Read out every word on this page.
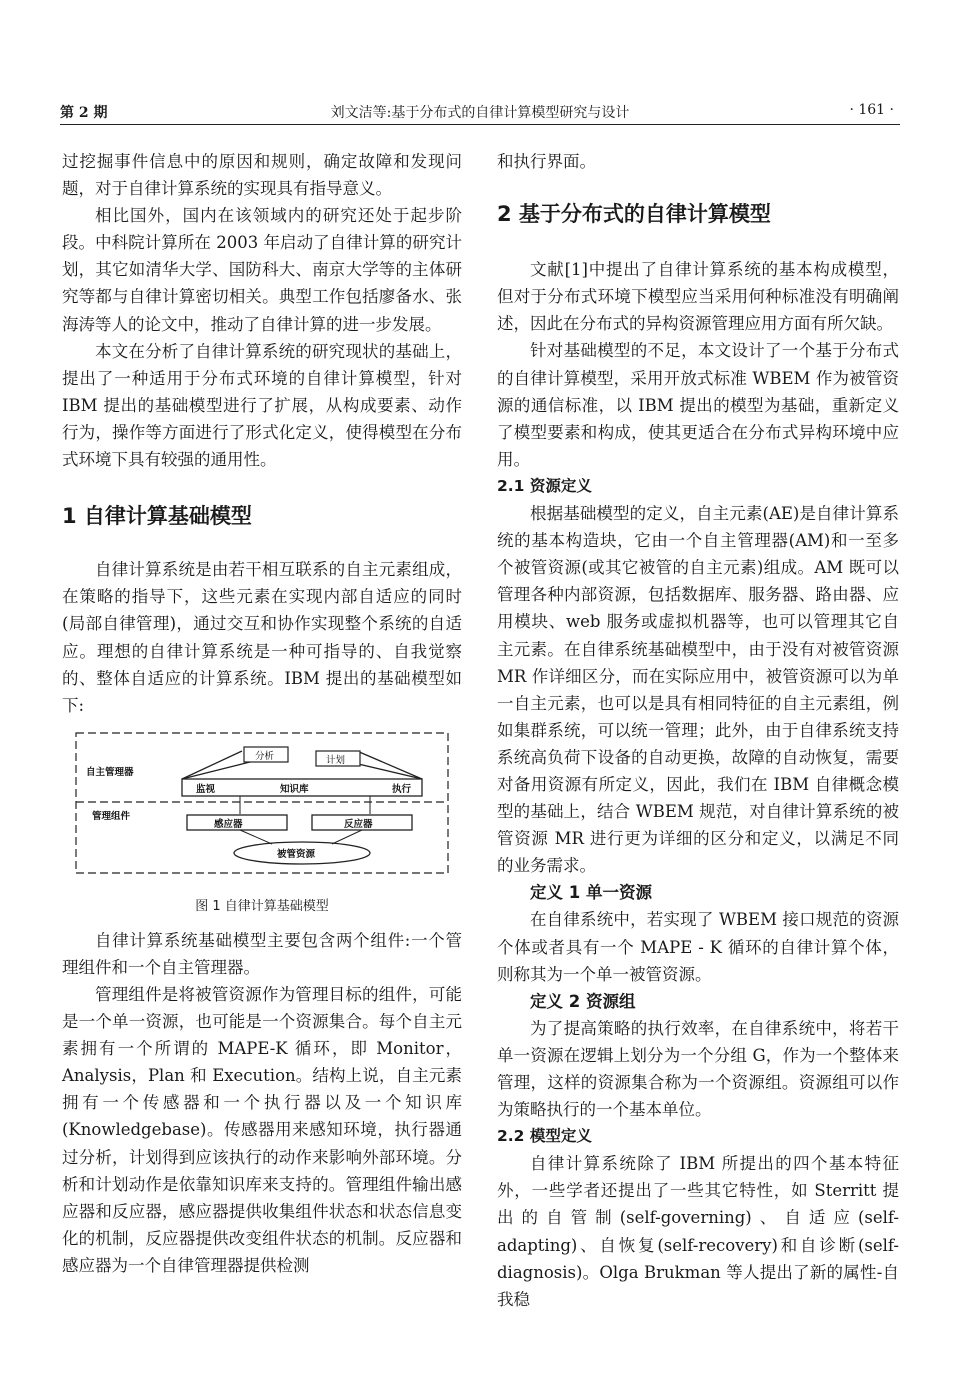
第 2 期	刘文洁等:基于分布式的自律计算模型研究与设计	· 161 ·

过挖掘事件信息中的原因和规则，确定故障和发现问题，对于自律计算系统的实现具有指导意义。

相比国外，国内在该领域内的研究还处于起步阶段。中科院计算所在 2003 年启动了自律计算的研究计划，其它如清华大学、国防科大、南京大学等的主体研究等都与自律计算密切相关。典型工作包括廖备水、张海涛等人的论文中，推动了自律计算的进一步发展。

本文在分析了自律计算系统的研究现状的基础上，提出了一种适用于分布式环境的自律计算模型，针对 IBM 提出的基础模型进行了扩展，从构成要素、动作行为，操作等方面进行了形式化定义，使得模型在分布式环境下具有较强的通用性。

1 自律计算基础模型

自律计算系统是由若干相互联系的自主元素组成，在策略的指导下，这些元素在实现内部自适应的同时(局部自律管理)，通过交互和协作实现整个系统的自适应。理想的自律计算系统是一种可指导的、自我觉察的、整体自适应的计算系统。IBM 提出的基础模型如下:

自主管理器
管理组件
分析	计划
监视	知识库	执行
感应器	反应器
被管资源

图 1 自律计算基础模型

自律计算系统基础模型主要包含两个组件:一个管理组件和一个自主管理器。

管理组件是将被管资源作为管理目标的组件，可能是一个单一资源，也可能是一个资源集合。每个自主元素拥有一个所谓的 MAPE-K 循环，即 Monitor，Analysis，Plan 和 Execution。结构上说，自主元素拥有一个传感器和一个执行器以及一个知识库(Knowledgebase)。传感器用来感知环境，执行器通过分析，计划得到应该执行的动作来影响外部环境。分析和计划动作是依靠知识库来支持的。管理组件输出感应器和反应器，感应器提供收集组件状态和状态信息变化的机制，反应器提供改变组件状态的机制。反应器和感应器为一个自律管理器提供检测

和执行界面。

2 基于分布式的自律计算模型

文献[1]中提出了自律计算系统的基本构成模型，但对于分布式环境下模型应当采用何种标准没有明确阐述，因此在分布式的异构资源管理应用方面有所欠缺。

针对基础模型的不足，本文设计了一个基于分布式的自律计算模型，采用开放式标准 WBEM 作为被管资源的通信标准，以 IBM 提出的模型为基础，重新定义了模型要素和构成，使其更适合在分布式异构环境中应用。

2.1 资源定义

根据基础模型的定义，自主元素(AE)是自律计算系统的基本构造块，它由一个自主管理器(AM)和一至多个被管资源(或其它被管的自主元素)组成。AM 既可以管理各种内部资源，包括数据库、服务器、路由器、应用模块、web 服务或虚拟机器等，也可以管理其它自主元素。在自律系统基础模型中，由于没有对被管资源 MR 作详细区分，而在实际应用中，被管资源可以为单一自主元素，也可以是具有相同特征的自主元素组，例如集群系统，可以统一管理；此外，由于自律系统支持系统高负荷下设备的自动更换，故障的自动恢复，需要对备用资源有所定义，因此，我们在 IBM 自律概念模型的基础上，结合 WBEM 规范，对自律计算系统的被管资源 MR 进行更为详细的区分和定义，以满足不同的业务需求。

定义 1 单一资源

在自律系统中，若实现了 WBEM 接口规范的资源个体或者具有一个 MAPE - K 循环的自律计算个体，则称其为一个单一被管资源。

定义 2 资源组

为了提高策略的执行效率，在自律系统中，将若干单一资源在逻辑上划分为一个分组 G，作为一个整体来管理，这样的资源集合称为一个资源组。资源组可以作为策略执行的一个基本单位。

2.2 模型定义

自律计算系统除了 IBM 所提出的四个基本特征外，一些学者还提出了一些其它特性，如 Sterritt 提出的自管制(self-governing)、自适应(self-adapting)、自恢复(self-recovery)和自诊断(self-diagnosis)。Olga Brukman 等人提出了新的属性-自我稳
